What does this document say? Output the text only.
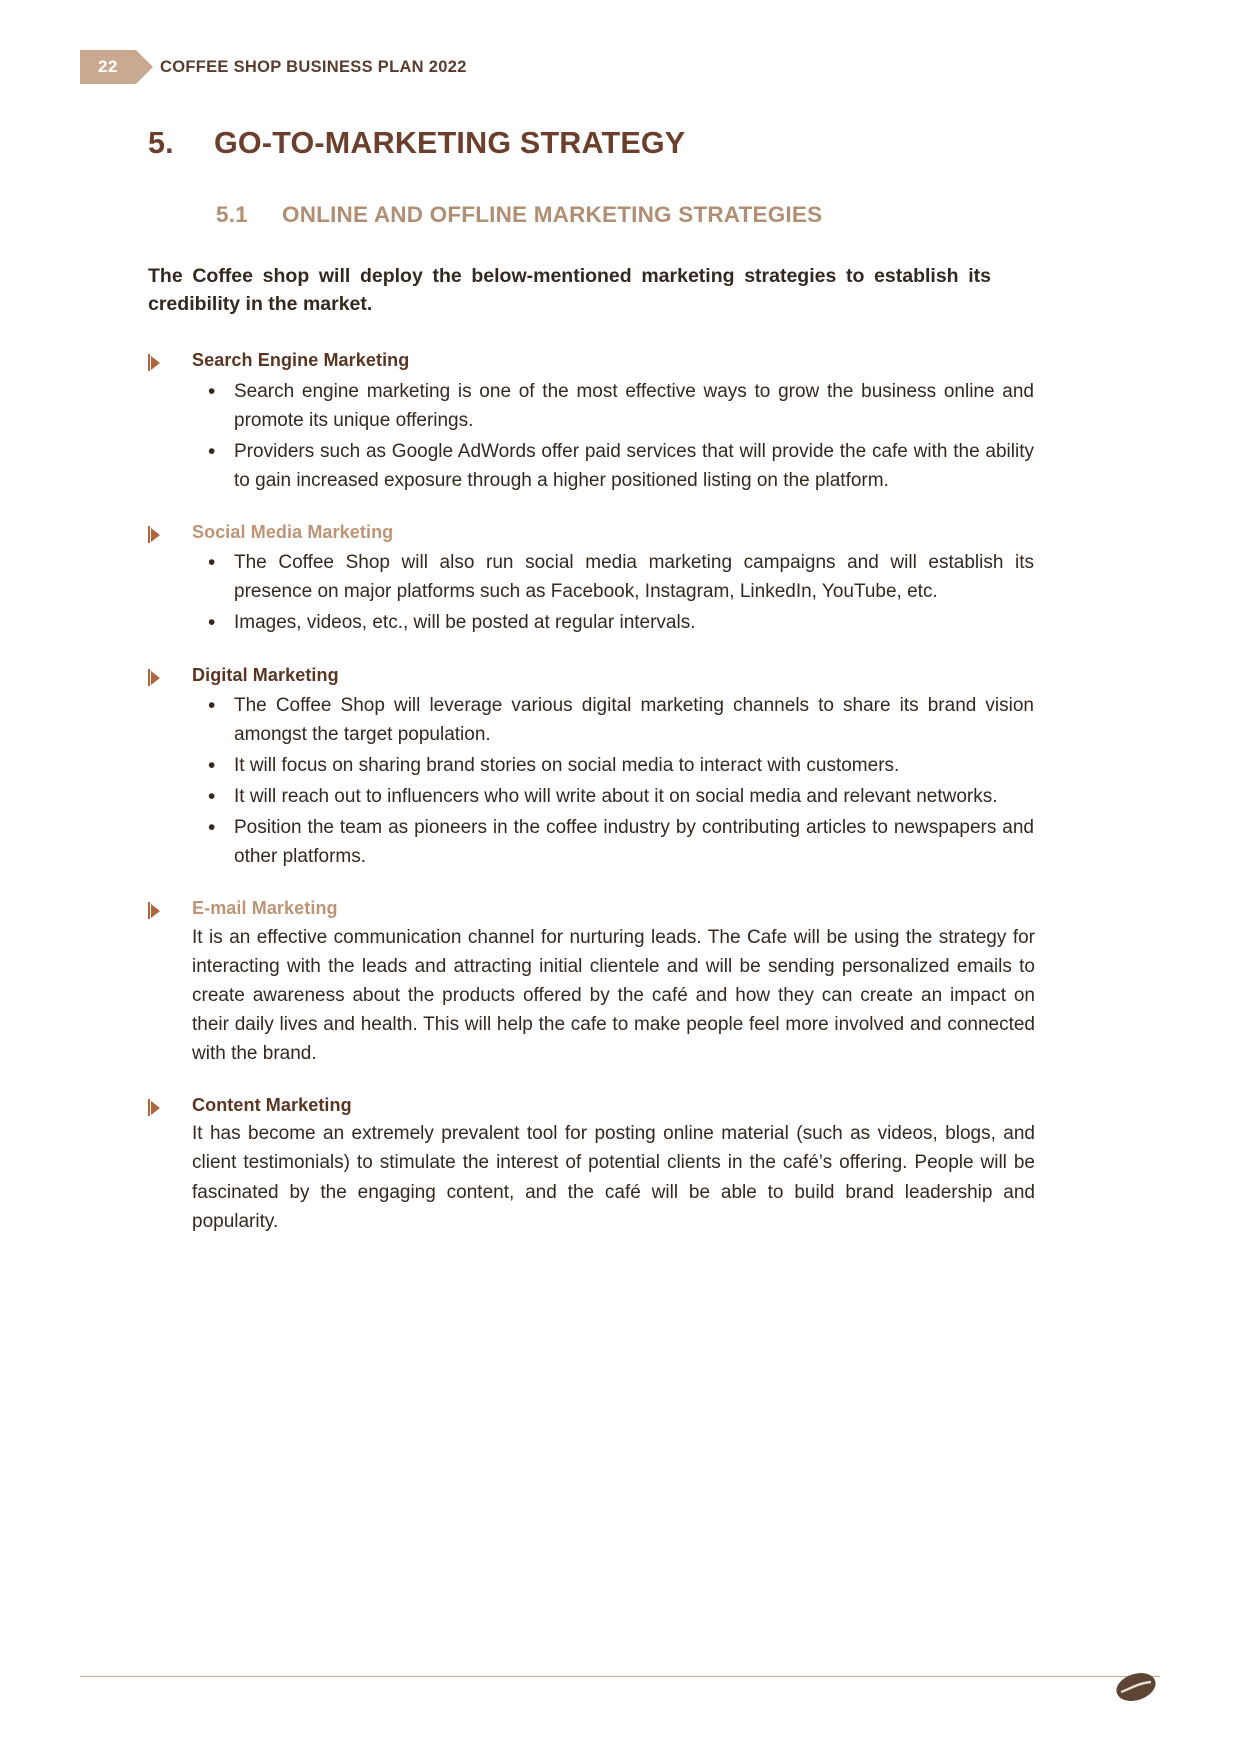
22	COFFEE SHOP BUSINESS PLAN 2022
5.	GO-TO-MARKETING STRATEGY
5.1	ONLINE AND OFFLINE MARKETING STRATEGIES

The Coffee shop will deploy the below-mentioned marketing strategies to establish its credibility in the market.

Search Engine Marketing
• Search engine marketing is one of the most effective ways to grow the business online and promote its unique offerings.
• Providers such as Google AdWords offer paid services that will provide the cafe with the ability to gain increased exposure through a higher positioned listing on the platform.
Social Media Marketing
• The Coffee Shop will also run social media marketing campaigns and will establish its presence on major platforms such as Facebook, Instagram, LinkedIn, YouTube, etc.
• Images, videos, etc., will be posted at regular intervals.
Digital Marketing
• The Coffee Shop will leverage various digital marketing channels to share its brand vision amongst the target population.
• It will focus on sharing brand stories on social media to interact with customers.
• It will reach out to influencers who will write about it on social media and relevant networks.
• Position the team as pioneers in the coffee industry by contributing articles to newspapers and other platforms.
E-mail Marketing

It is an effective communication channel for nurturing leads. The Cafe will be using the strategy for interacting with the leads and attracting initial clientele and will be sending personalized emails to create awareness about the products offered by the café and how they can create an impact on their daily lives and health. This will help the cafe to make people feel more involved and connected with the brand.

Content Marketing

It has become an extremely prevalent tool for posting online material (such as videos, blogs, and client testimonials) to stimulate the interest of potential clients in the café’s offering. People will be fascinated by the engaging content, and the café will be able to build brand leadership and popularity.
